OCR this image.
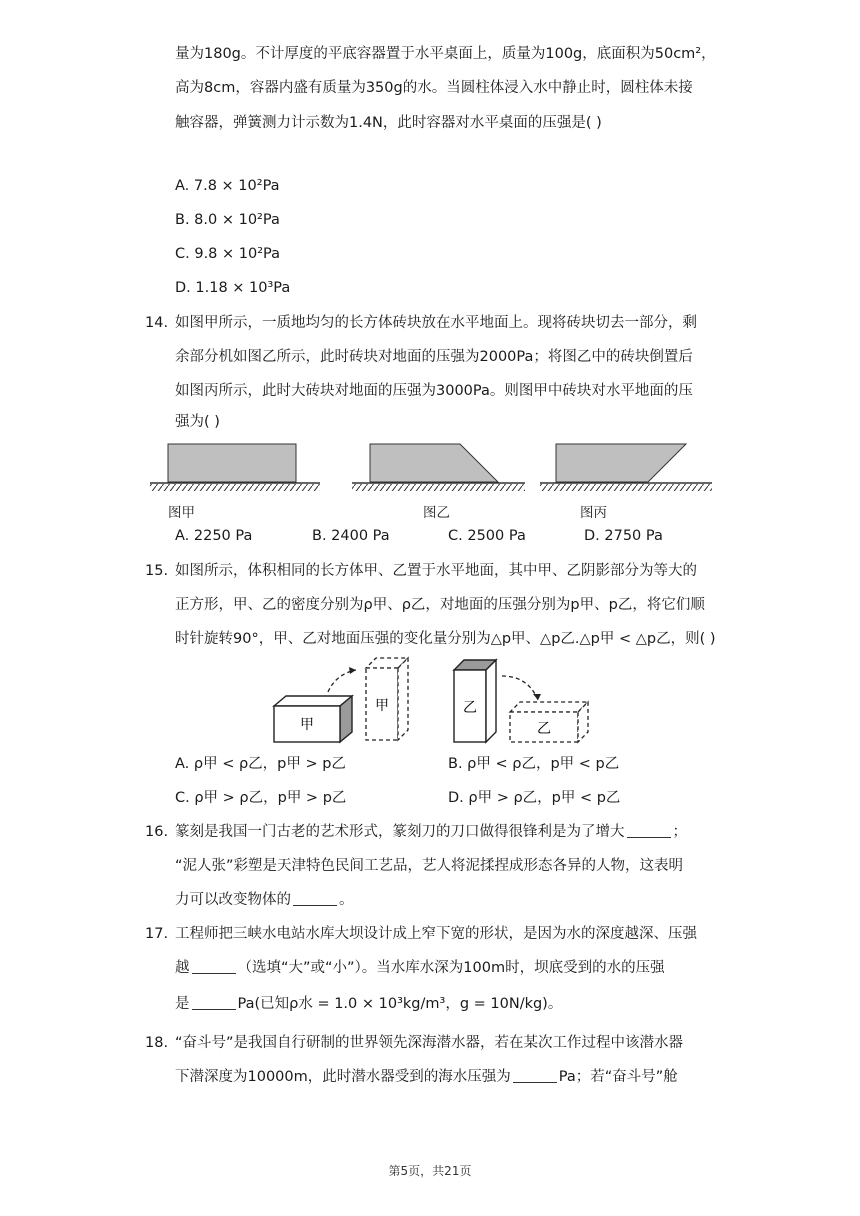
量为180g。不计厚度的平底容器置于水平桌面上，质量为100g，底面积为50cm²，
高为8cm，容器内盛有质量为350g的水。当圆柱体浸入水中静止时，圆柱体未接
触容器，弹簧测力计示数为1.4N，此时容器对水平桌面的压强是( )
A. 7.8 × 10²Pa
B. 8.0 × 10²Pa
C. 9.8 × 10²Pa
D. 1.18 × 10³Pa
14. 如图甲所示，一质地均匀的长方体砖块放在水平地面上。现将砖块切去一部分，剩
余部分机如图乙所示，此时砖块对地面的压强为2000Pa；将图乙中的砖块倒置后
如图丙所示，此时大砖块对地面的压强为3000Pa。则图甲中砖块对水平地面的压
强为( )
图甲	图乙	图丙
A. 2250 Pa	B. 2400 Pa	C. 2500 Pa	D. 2750 Pa
15. 如图所示，体积相同的长方体甲、乙置于水平地面，其中甲、乙阴影部分为等大的
正方形，甲、乙的密度分别为ρ甲、ρ乙，对地面的压强分别为p甲、p乙，将它们顺
时针旋转90°，甲、乙对地面压强的变化量分别为△p甲、△p乙.△p甲 < △p乙，则( )
甲
甲	乙
乙
A. ρ甲 < ρ乙，p甲 > p乙	B. ρ甲 < ρ乙，p甲 < p乙
C. ρ甲 > ρ乙，p甲 > p乙	D. ρ甲 > ρ乙，p甲 < p乙
16. 篆刻是我国一门古老的艺术形式，篆刻刀的刀口做得很锋利是为了增大	；
“泥人张”彩塑是天津特色民间工艺品，艺人将泥揉捏成形态各异的人物，这表明
力可以改变物体的	。
17. 工程师把三峡水电站水库大坝设计成上窄下宽的形状，是因为水的深度越深、压强
越	（选填“大”或“小”）。当水库水深为100m时，坝底受到的水的压强
是	Pa(已知ρ水 = 1.0 × 10³kg/m³，g = 10N/kg)。
18. “奋斗号”是我国自行研制的世界领先深海潜水器，若在某次工作过程中该潜水器
下潜深度为10000m，此时潜水器受到的海水压强为	Pa；若“奋斗号”舱
第5页，共21页
